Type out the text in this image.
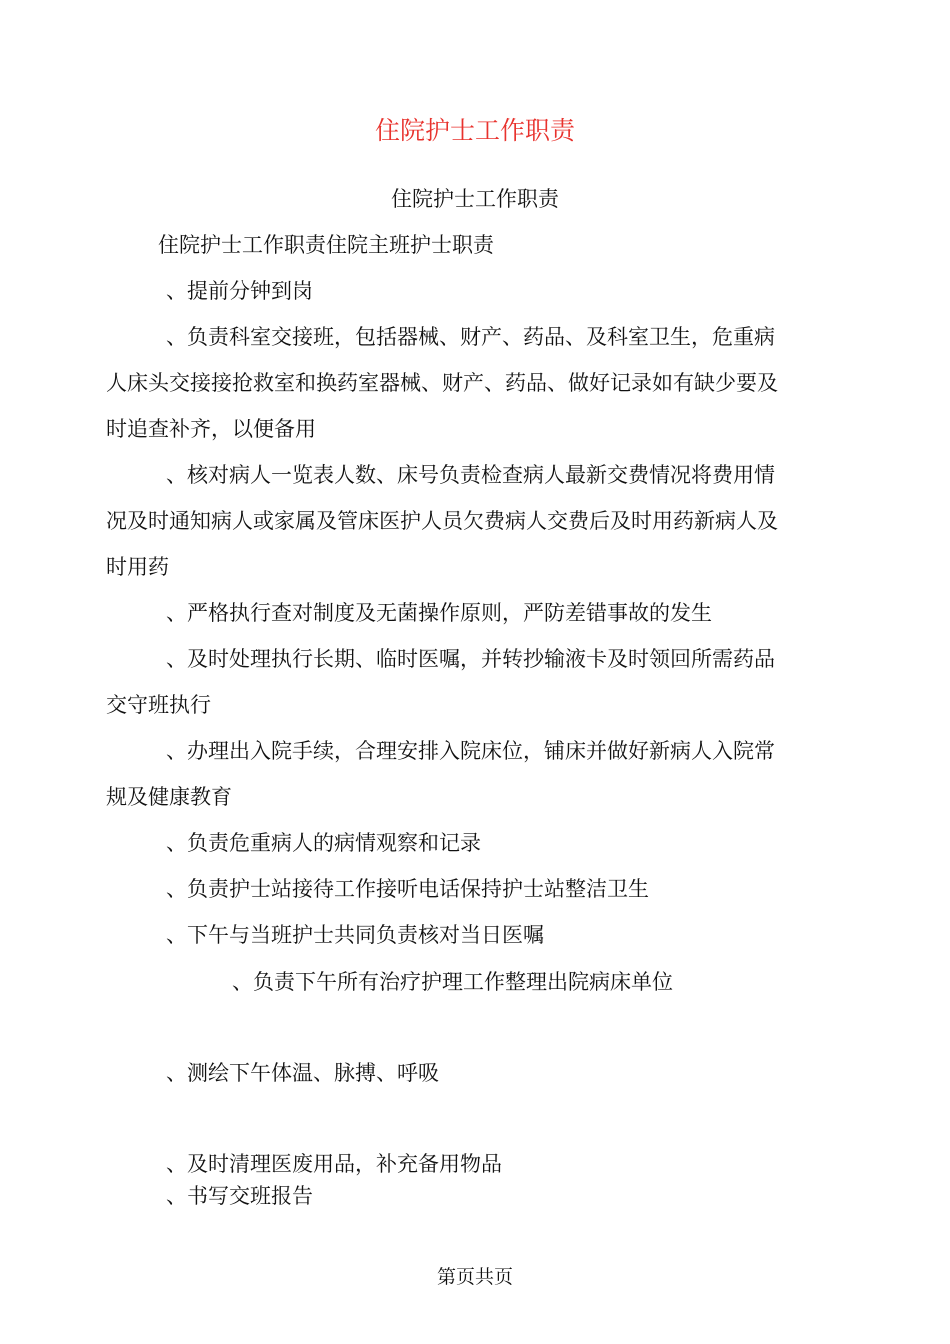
住院护士工作职责
住院护士工作职责
住院护士工作职责住院主班护士职责
、提前分钟到岗
、负责科室交接班，包括器械、财产、药品、及科室卫生，危重病
人床头交接接抢救室和换药室器械、财产、药品、做好记录如有缺少要及
时追查补齐，以便备用
、核对病人一览表人数、床号负责检查病人最新交费情况将费用情
况及时通知病人或家属及管床医护人员欠费病人交费后及时用药新病人及
时用药
、严格执行查对制度及无菌操作原则，严防差错事故的发生
、及时处理执行长期、临时医嘱，并转抄输液卡及时领回所需药品
交守班执行
、办理出入院手续，合理安排入院床位，铺床并做好新病人入院常
规及健康教育
、负责危重病人的病情观察和记录
、负责护士站接待工作接听电话保持护士站整洁卫生
、下午与当班护士共同负责核对当日医嘱
、负责下午所有治疗护理工作整理出院病床单位
、测绘下午体温、脉搏、呼吸
、及时清理医废用品，补充备用物品
、书写交班报告
第页共页
